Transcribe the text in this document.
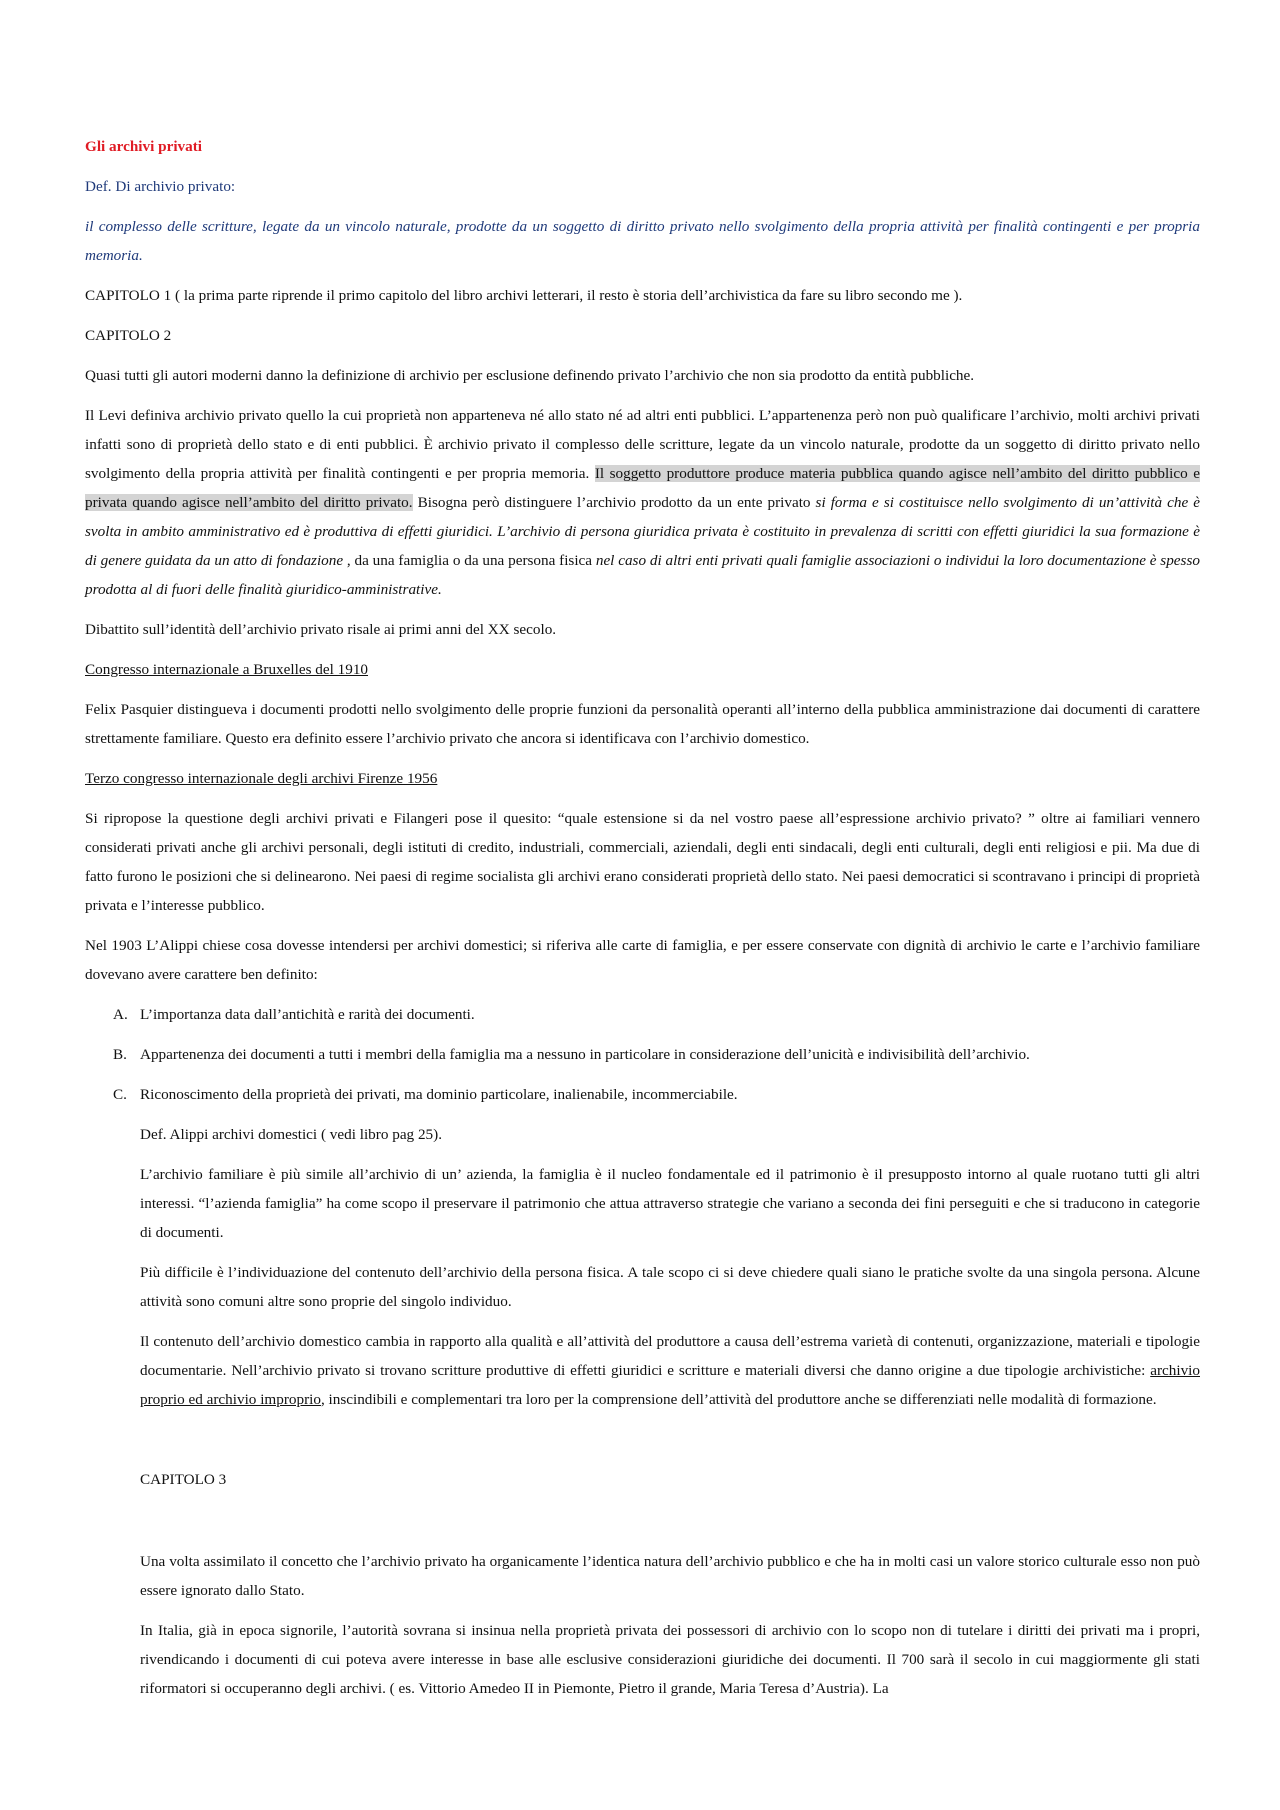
Gli archivi privati

Def. Di archivio privato:

il complesso delle scritture, legate da un vincolo naturale, prodotte da un soggetto di diritto privato nello svolgimento della propria attività per finalità contingenti e per propria memoria.

CAPITOLO 1 ( la prima parte riprende il primo capitolo del libro archivi letterari, il resto è storia dell’archivistica da fare su libro secondo me ).

CAPITOLO 2

Quasi tutti gli autori moderni danno la definizione di archivio per esclusione definendo privato l’archivio che non sia prodotto da entità pubbliche.

Il Levi definiva archivio privato quello la cui proprietà non apparteneva né allo stato né ad altri enti pubblici. L’appartenenza però non può qualificare l’archivio, molti archivi privati infatti sono di proprietà dello stato e di enti pubblici. È archivio privato il complesso delle scritture, legate da un vincolo naturale, prodotte da un soggetto di diritto privato nello svolgimento della propria attività per finalità contingenti e per propria memoria. Il soggetto produttore produce materia pubblica quando agisce nell’ambito del diritto pubblico e privata quando agisce nell’ambito del diritto privato. Bisogna però distinguere l’archivio prodotto da un ente privato si forma e si costituisce nello svolgimento di un’attività che è svolta in ambito amministrativo ed è produttiva di effetti giuridici. L’archivio di persona giuridica privata è costituito in prevalenza di scritti con effetti giuridici la sua formazione è di genere guidata da un atto di fondazione , da una famiglia o da una persona fisica nel caso di altri enti privati quali famiglie associazioni o individui la loro documentazione è spesso prodotta al di fuori delle finalità giuridico-amministrative.

Dibattito sull’identità dell’archivio privato risale ai primi anni del XX secolo.

Congresso internazionale a Bruxelles del 1910

Felix Pasquier distingueva i documenti prodotti nello svolgimento delle proprie funzioni da personalità operanti all’interno della pubblica amministrazione dai documenti di carattere strettamente familiare. Questo era definito essere l’archivio privato che ancora si identificava con l’archivio domestico.

Terzo congresso internazionale degli archivi Firenze 1956

Si ripropose la questione degli archivi privati e Filangeri pose il quesito: “quale estensione si da nel vostro paese all’espressione archivio privato? ” oltre ai familiari vennero considerati privati anche gli archivi personali, degli istituti di credito, industriali, commerciali, aziendali, degli enti sindacali, degli enti culturali, degli enti religiosi e pii. Ma due di fatto furono le posizioni che si delinearono. Nei paesi di regime socialista gli archivi erano considerati proprietà dello stato. Nei paesi democratici si scontravano i principi di proprietà privata e l’interesse pubblico.

Nel 1903 L’Alippi chiese cosa dovesse intendersi per archivi domestici; si riferiva alle carte di famiglia, e per essere conservate con dignità di archivio le carte e l’archivio familiare dovevano avere carattere ben definito:

A. L’importanza data dall’antichità e rarità dei documenti.
B. Appartenenza dei documenti a tutti i membri della famiglia ma a nessuno in particolare in considerazione dell’unicità e indivisibilità dell’archivio.
C. Riconoscimento della proprietà dei privati, ma dominio particolare, inalienabile, incommerciabile.

Def. Alippi archivi domestici ( vedi libro pag 25).

L’archivio familiare è più simile all’archivio di un’ azienda, la famiglia è il nucleo fondamentale ed il patrimonio è il presupposto intorno al quale ruotano tutti gli altri interessi. “l’azienda famiglia” ha come scopo il preservare il patrimonio che attua attraverso strategie che variano a seconda dei fini perseguiti e che si traducono in categorie di documenti.

Più difficile è l’individuazione del contenuto dell’archivio della persona fisica. A tale scopo ci si deve chiedere quali siano le pratiche svolte da una singola persona. Alcune attività sono comuni altre sono proprie del singolo individuo.

Il contenuto dell’archivio domestico cambia in rapporto alla qualità e all’attività del produttore a causa dell’estrema varietà di contenuti, organizzazione, materiali e tipologie documentarie. Nell’archivio privato si trovano scritture produttive di effetti giuridici e scritture e materiali diversi che danno origine a due tipologie archivistiche: archivio proprio ed archivio improprio, inscindibili e complementari tra loro per la comprensione dell’attività del produttore anche se differenziati nelle modalità di formazione.

CAPITOLO 3

Una volta assimilato il concetto che l’archivio privato ha organicamente l’identica natura dell’archivio pubblico e che ha in molti casi un valore storico culturale esso non può essere ignorato dallo Stato.

In Italia, già in epoca signorile, l’autorità sovrana si insinua nella proprietà privata dei possessori di archivio con lo scopo non di tutelare i diritti dei privati ma i propri, rivendicando i documenti di cui poteva avere interesse in base alle esclusive considerazioni giuridiche dei documenti. Il 700 sarà il secolo in cui maggiormente gli stati riformatori si occuperanno degli archivi. ( es. Vittorio Amedeo II in Piemonte, Pietro il grande, Maria Teresa d’Austria). La
